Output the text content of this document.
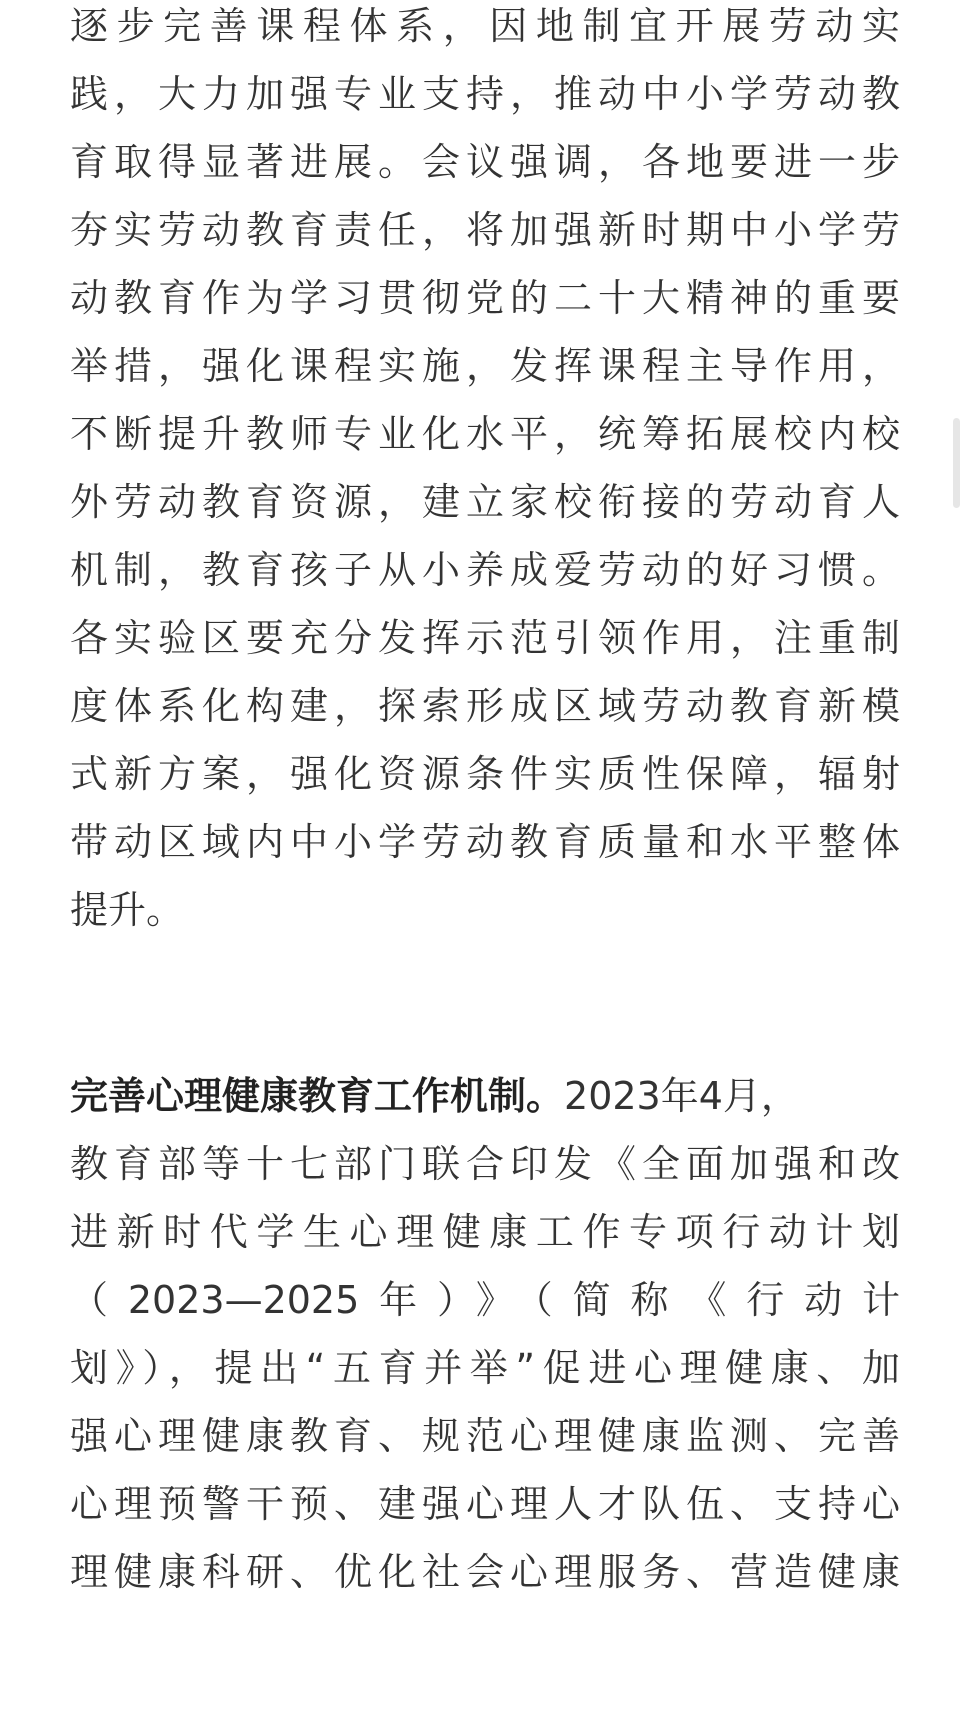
逐步完善课程体系，因地制宜开展劳动实
践，大力加强专业支持，推动中小学劳动教
育取得显著进展。会议强调，各地要进一步
夯实劳动教育责任，将加强新时期中小学劳
动教育作为学习贯彻党的二十大精神的重要
举措，强化课程实施，发挥课程主导作用，
不断提升教师专业化水平，统筹拓展校内校
外劳动教育资源，建立家校衔接的劳动育人
机制，教育孩子从小养成爱劳动的好习惯。
各实验区要充分发挥示范引领作用，注重制
度体系化构建，探索形成区域劳动教育新模
式新方案，强化资源条件实质性保障，辐射
带动区域内中小学劳动教育质量和水平整体
提升。
完善心理健康教育工作机制。2023年4月，
教育部等十七部门联合印发《全面加强和改
进新时代学生心理健康工作专项行动计划
（2023—2025年）》（简称《行动计
划》），提出“五育并举”促进心理健康、加
强心理健康教育、规范心理健康监测、完善
心理预警干预、建强心理人才队伍、支持心
理健康科研、优化社会心理服务、营造健康
